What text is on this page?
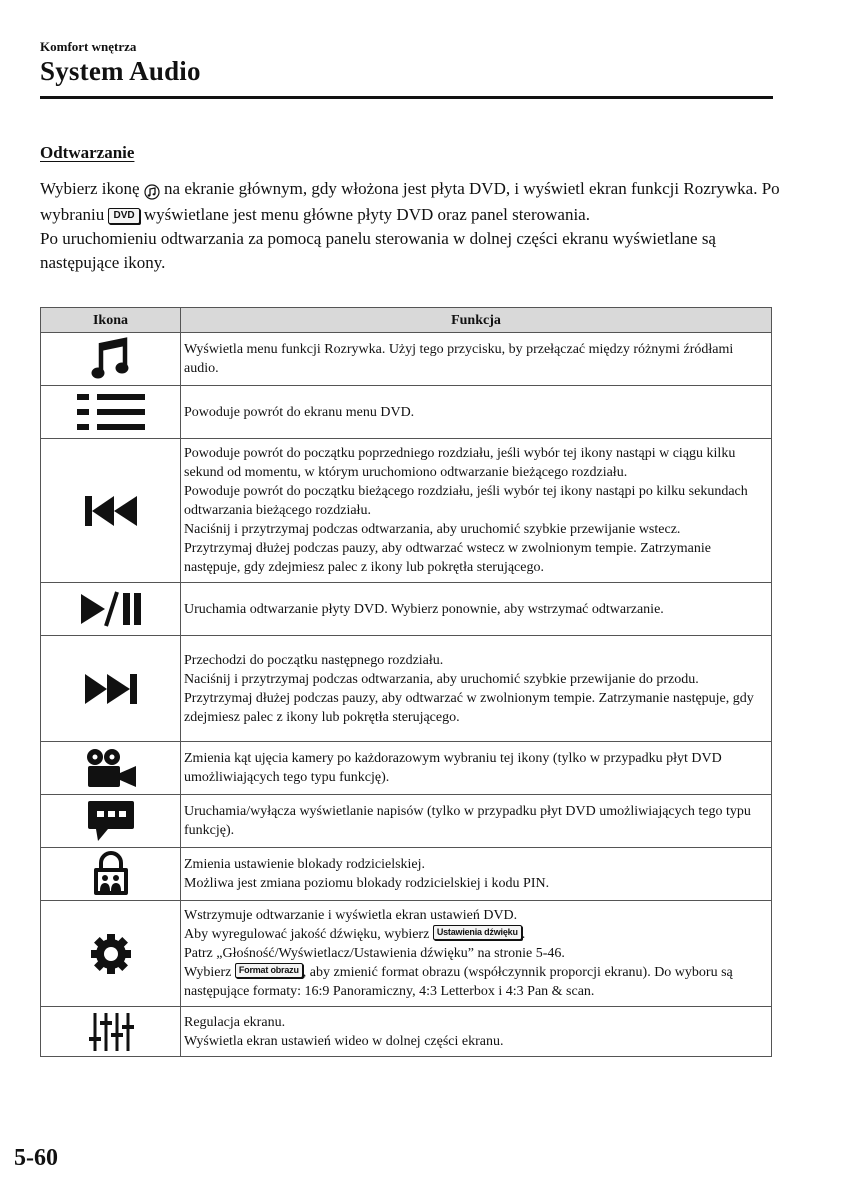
Komfort wnętrza
System Audio
Odtwarzanie

Wybierz ikonę na ekranie głównym, gdy włożona jest płyta DVD, i wyświetl ekran funkcji Rozrywka. Po wybraniu DVD wyświetlane jest menu główne płyty DVD oraz panel sterowania.

Po uruchomieniu odtwarzania za pomocą panelu sterowania w dolnej części ekranu wyświetlane są następujące ikony.

Ikona	Funkcja

Wyświetla menu funkcji Rozrywka. Użyj tego przycisku, by przełączać między różnymi źródłami audio.

Powoduje powrót do ekranu menu DVD.

Powoduje powrót do początku poprzedniego rozdziału, jeśli wybór tej ikony nastąpi w ciągu kilku sekund od momentu, w którym uruchomiono odtwarzanie bieżącego rozdziału.
Powoduje powrót do początku bieżącego rozdziału, jeśli wybór tej ikony nastąpi po kilku sekundach odtwarzania bieżącego rozdziału.
Naciśnij i przytrzymaj podczas odtwarzania, aby uruchomić szybkie przewijanie wstecz.
Przytrzymaj dłużej podczas pauzy, aby odtwarzać wstecz w zwolnionym tempie. Zatrzymanie następuje, gdy zdejmiesz palec z ikony lub pokrętła sterującego.

Uruchamia odtwarzanie płyty DVD. Wybierz ponownie, aby wstrzymać odtwarzanie.

Przechodzi do początku następnego rozdziału.
Naciśnij i przytrzymaj podczas odtwarzania, aby uruchomić szybkie przewijanie do przodu.
Przytrzymaj dłużej podczas pauzy, aby odtwarzać w zwolnionym tempie. Zatrzymanie następuje, gdy zdejmiesz palec z ikony lub pokrętła sterującego.

Zmienia kąt ujęcia kamery po każdorazowym wybraniu tej ikony (tylko w przypadku płyt DVD umożliwiających tego typu funkcję).

Uruchamia/wyłącza wyświetlanie napisów (tylko w przypadku płyt DVD umożliwiających tego typu funkcję).

Zmienia ustawienie blokady rodzicielskiej.
Możliwa jest zmiana poziomu blokady rodzicielskiej i kodu PIN.

Wstrzymuje odtwarzanie i wyświetla ekran ustawień DVD.
Aby wyregulować jakość dźwięku, wybierz Ustawienia dźwięku .
Patrz „Głośność/Wyświetlacz/Ustawienia dźwięku” na stronie 5-46.
Wybierz Format obrazu , aby zmienić format obrazu (współczynnik proporcji ekranu). Do wyboru są następujące formaty: 16:9 Panoramiczny, 4:3 Letterbox i 4:3 Pan & scan.

Regulacja ekranu.
Wyświetla ekran ustawień wideo w dolnej części ekranu.
5-60
